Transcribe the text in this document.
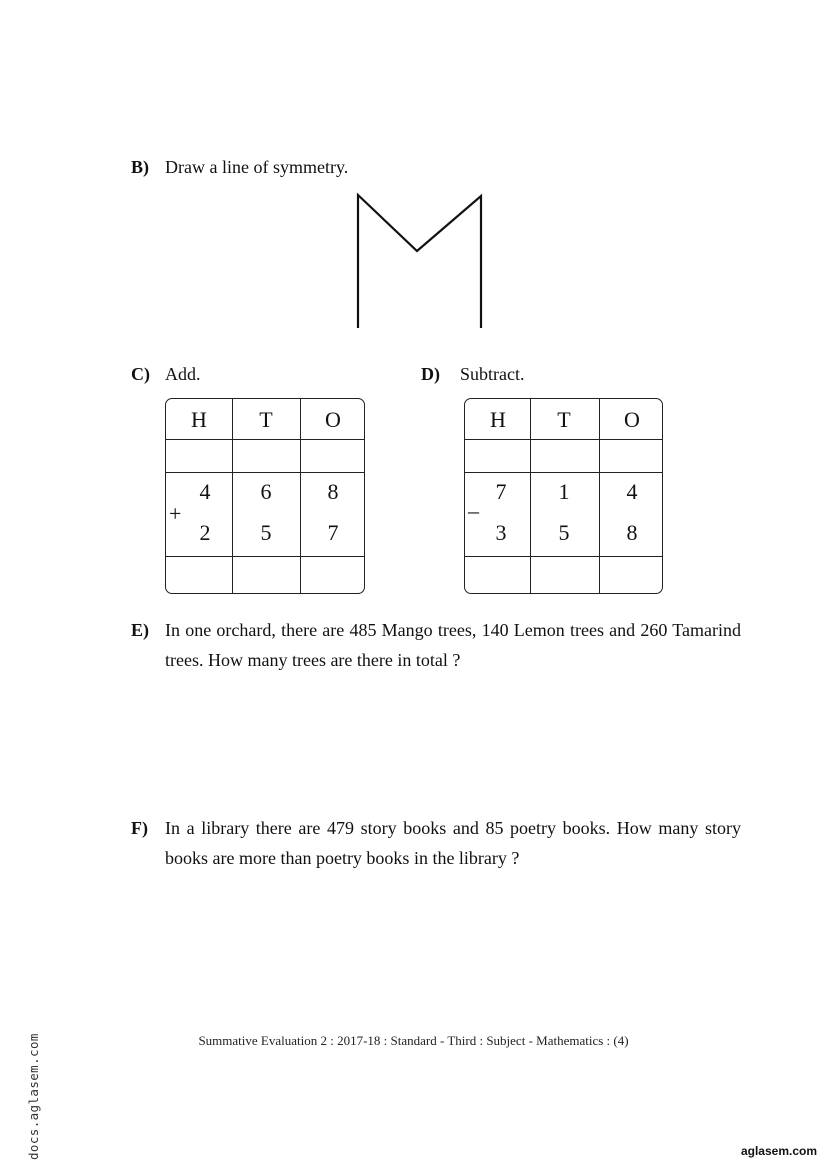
B) Draw a line of symmetry.
C) Add.
H	T	O
4	6	8
2	5	7
+
D) Subtract.
H	T	O
7	1	4
3	5	8
–
E) In one orchard, there are 485 Mango trees, 140 Lemon trees and 260 Tamarind trees. How many trees are there in total ?
F) In a library there are 479 story books and 85 poetry books. How many story books are more than poetry books in the library ?
Summative Evaluation 2 : 2017-18 : Standard - Third : Subject - Mathematics : (4)
docs.aglasem.com	aglasem.com
